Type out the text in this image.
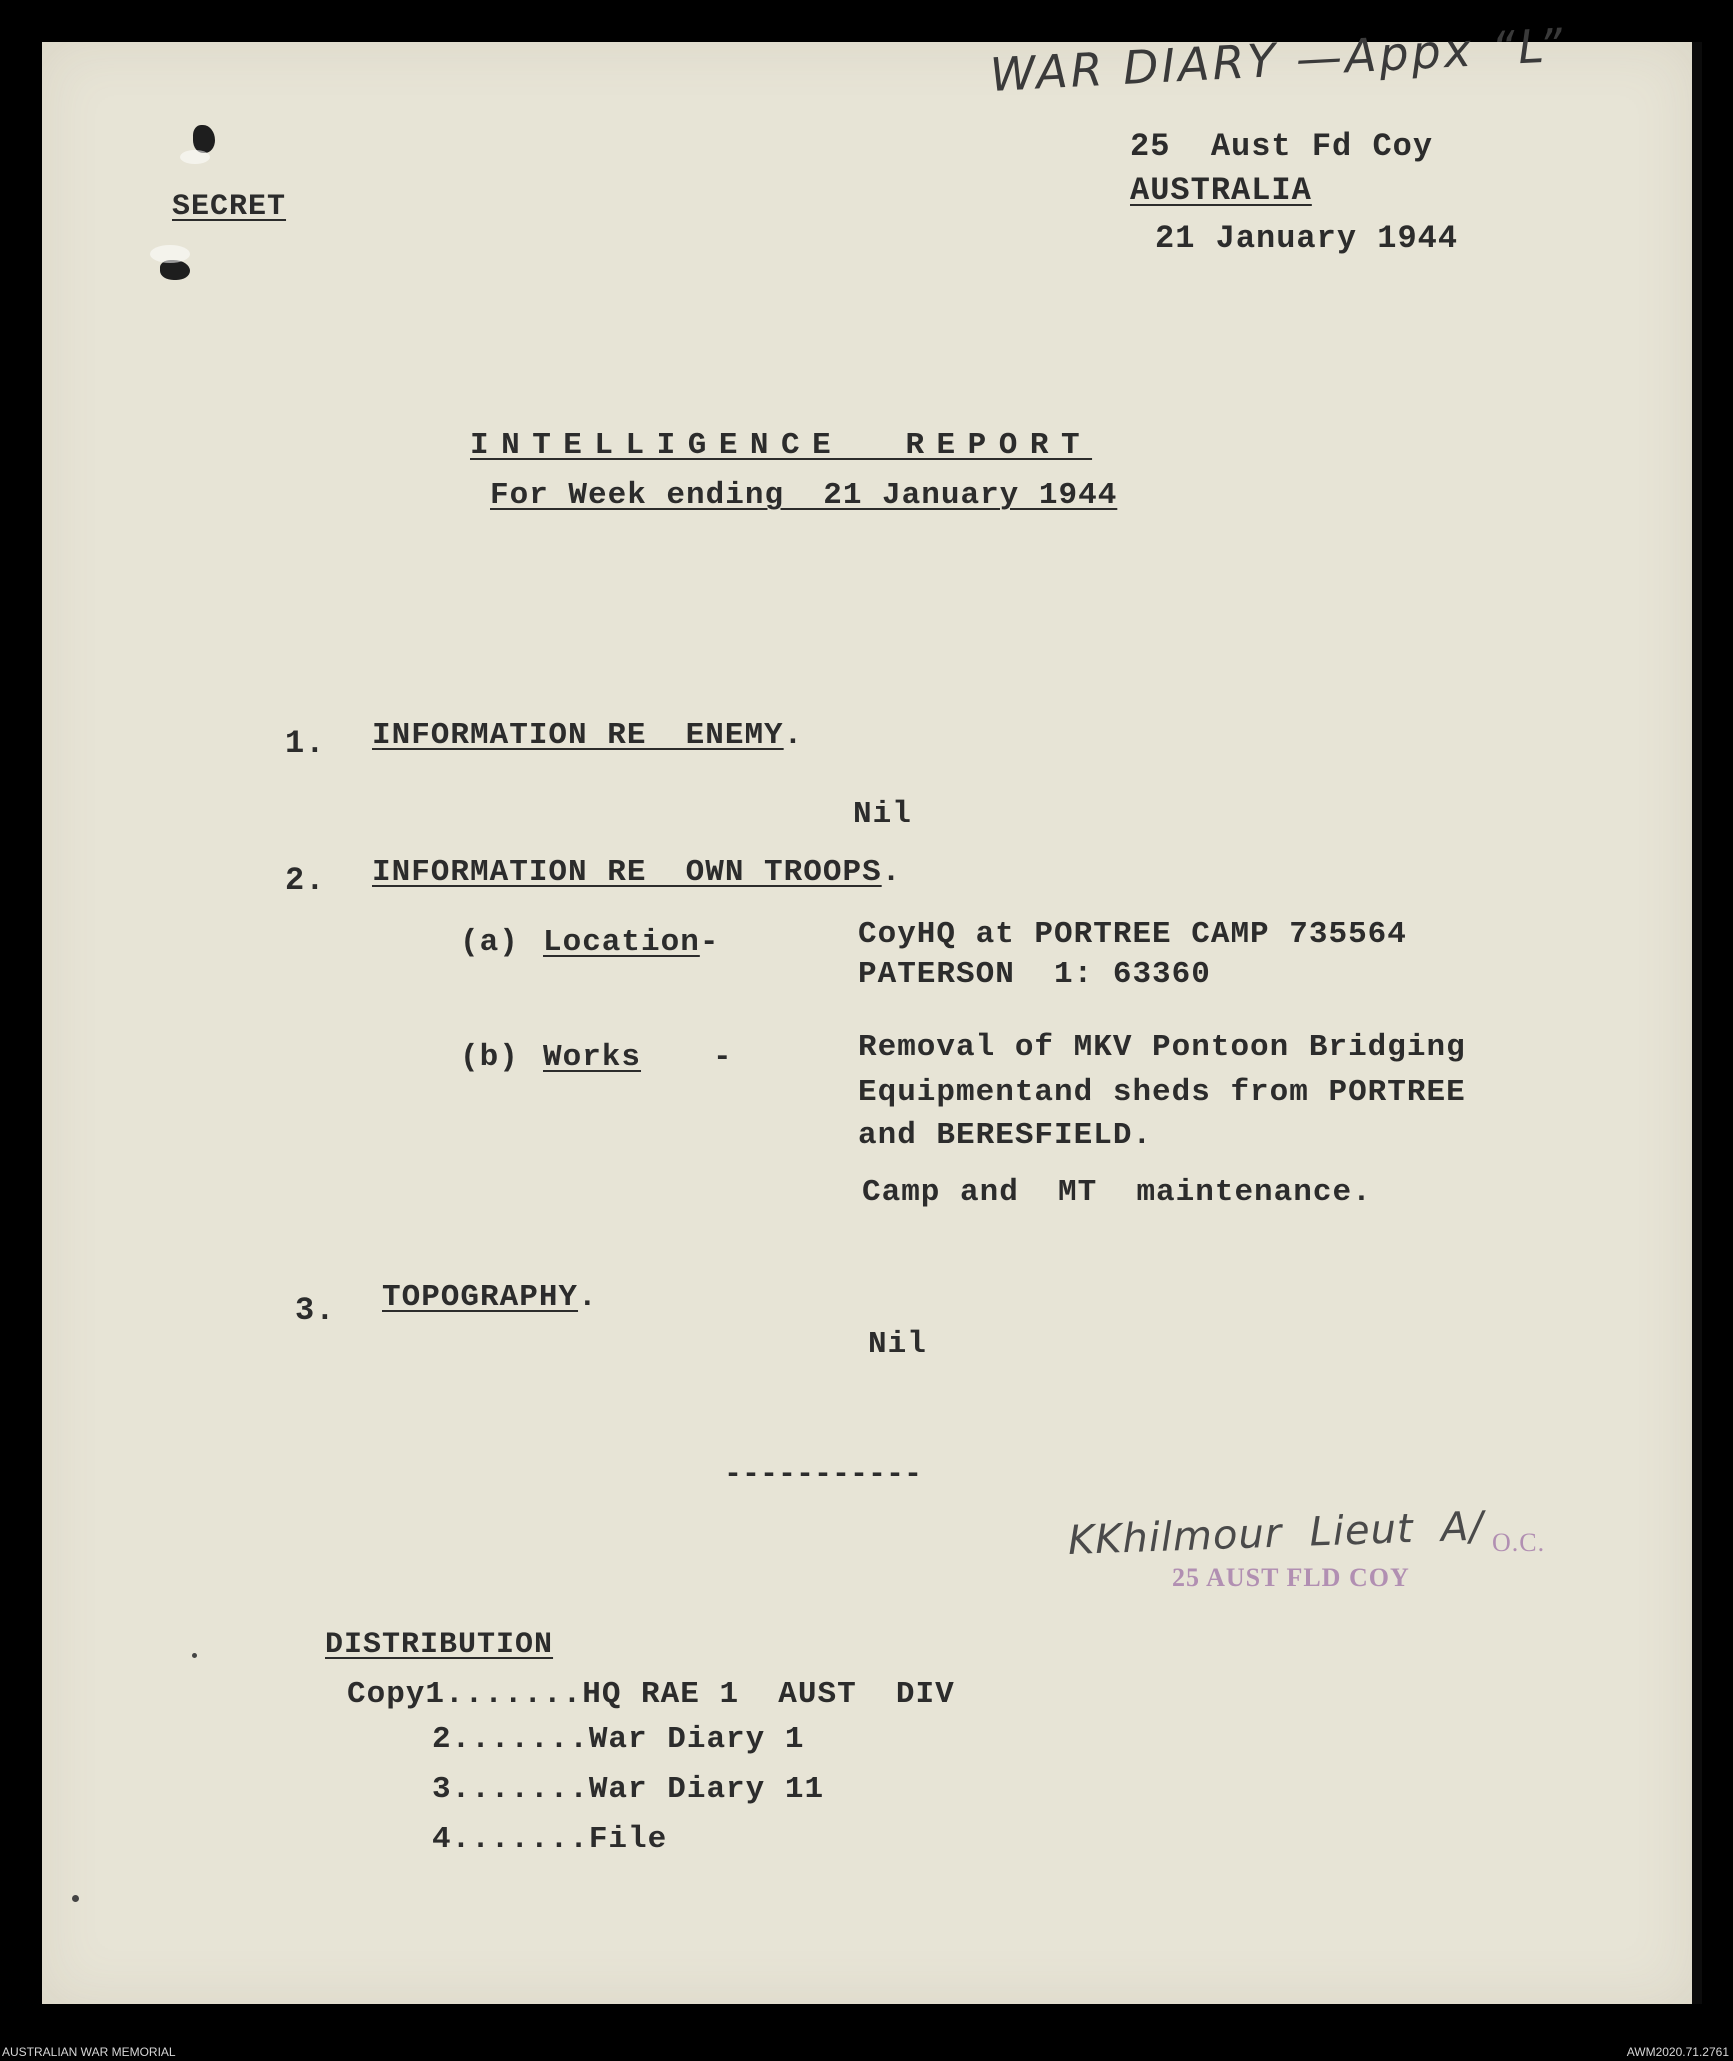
WAR DIARY —Appx “L”
SECRET
25  Aust Fd Coy
AUSTRALIA
21 January 1944
INTELLIGENCE  REPORT
For Week ending  21 January 1944
1. INFORMATION RE  ENEMY.
Nil
2. INFORMATION RE  OWN TROOPS.
(a) Location-	CoyHQ at PORTREE CAMP 735564
PATERSON  1: 63360
(b) Works -	Removal of MKV Pontoon Bridging
Equipmentand sheds from PORTREE
and BERESFIELD.
Camp and  MT  maintenance.
3. TOPOGRAPHY.
Nil
-----------
KKhilmour  Lieut  A/ O.C.
25 AUST FLD COY
DISTRIBUTION
Copy1.......HQ RAE 1  AUST  DIV
2.......War Diary 1
3.......War Diary 11
4.......File
AUSTRALIAN WAR MEMORIAL	AWM2020.71.2761
